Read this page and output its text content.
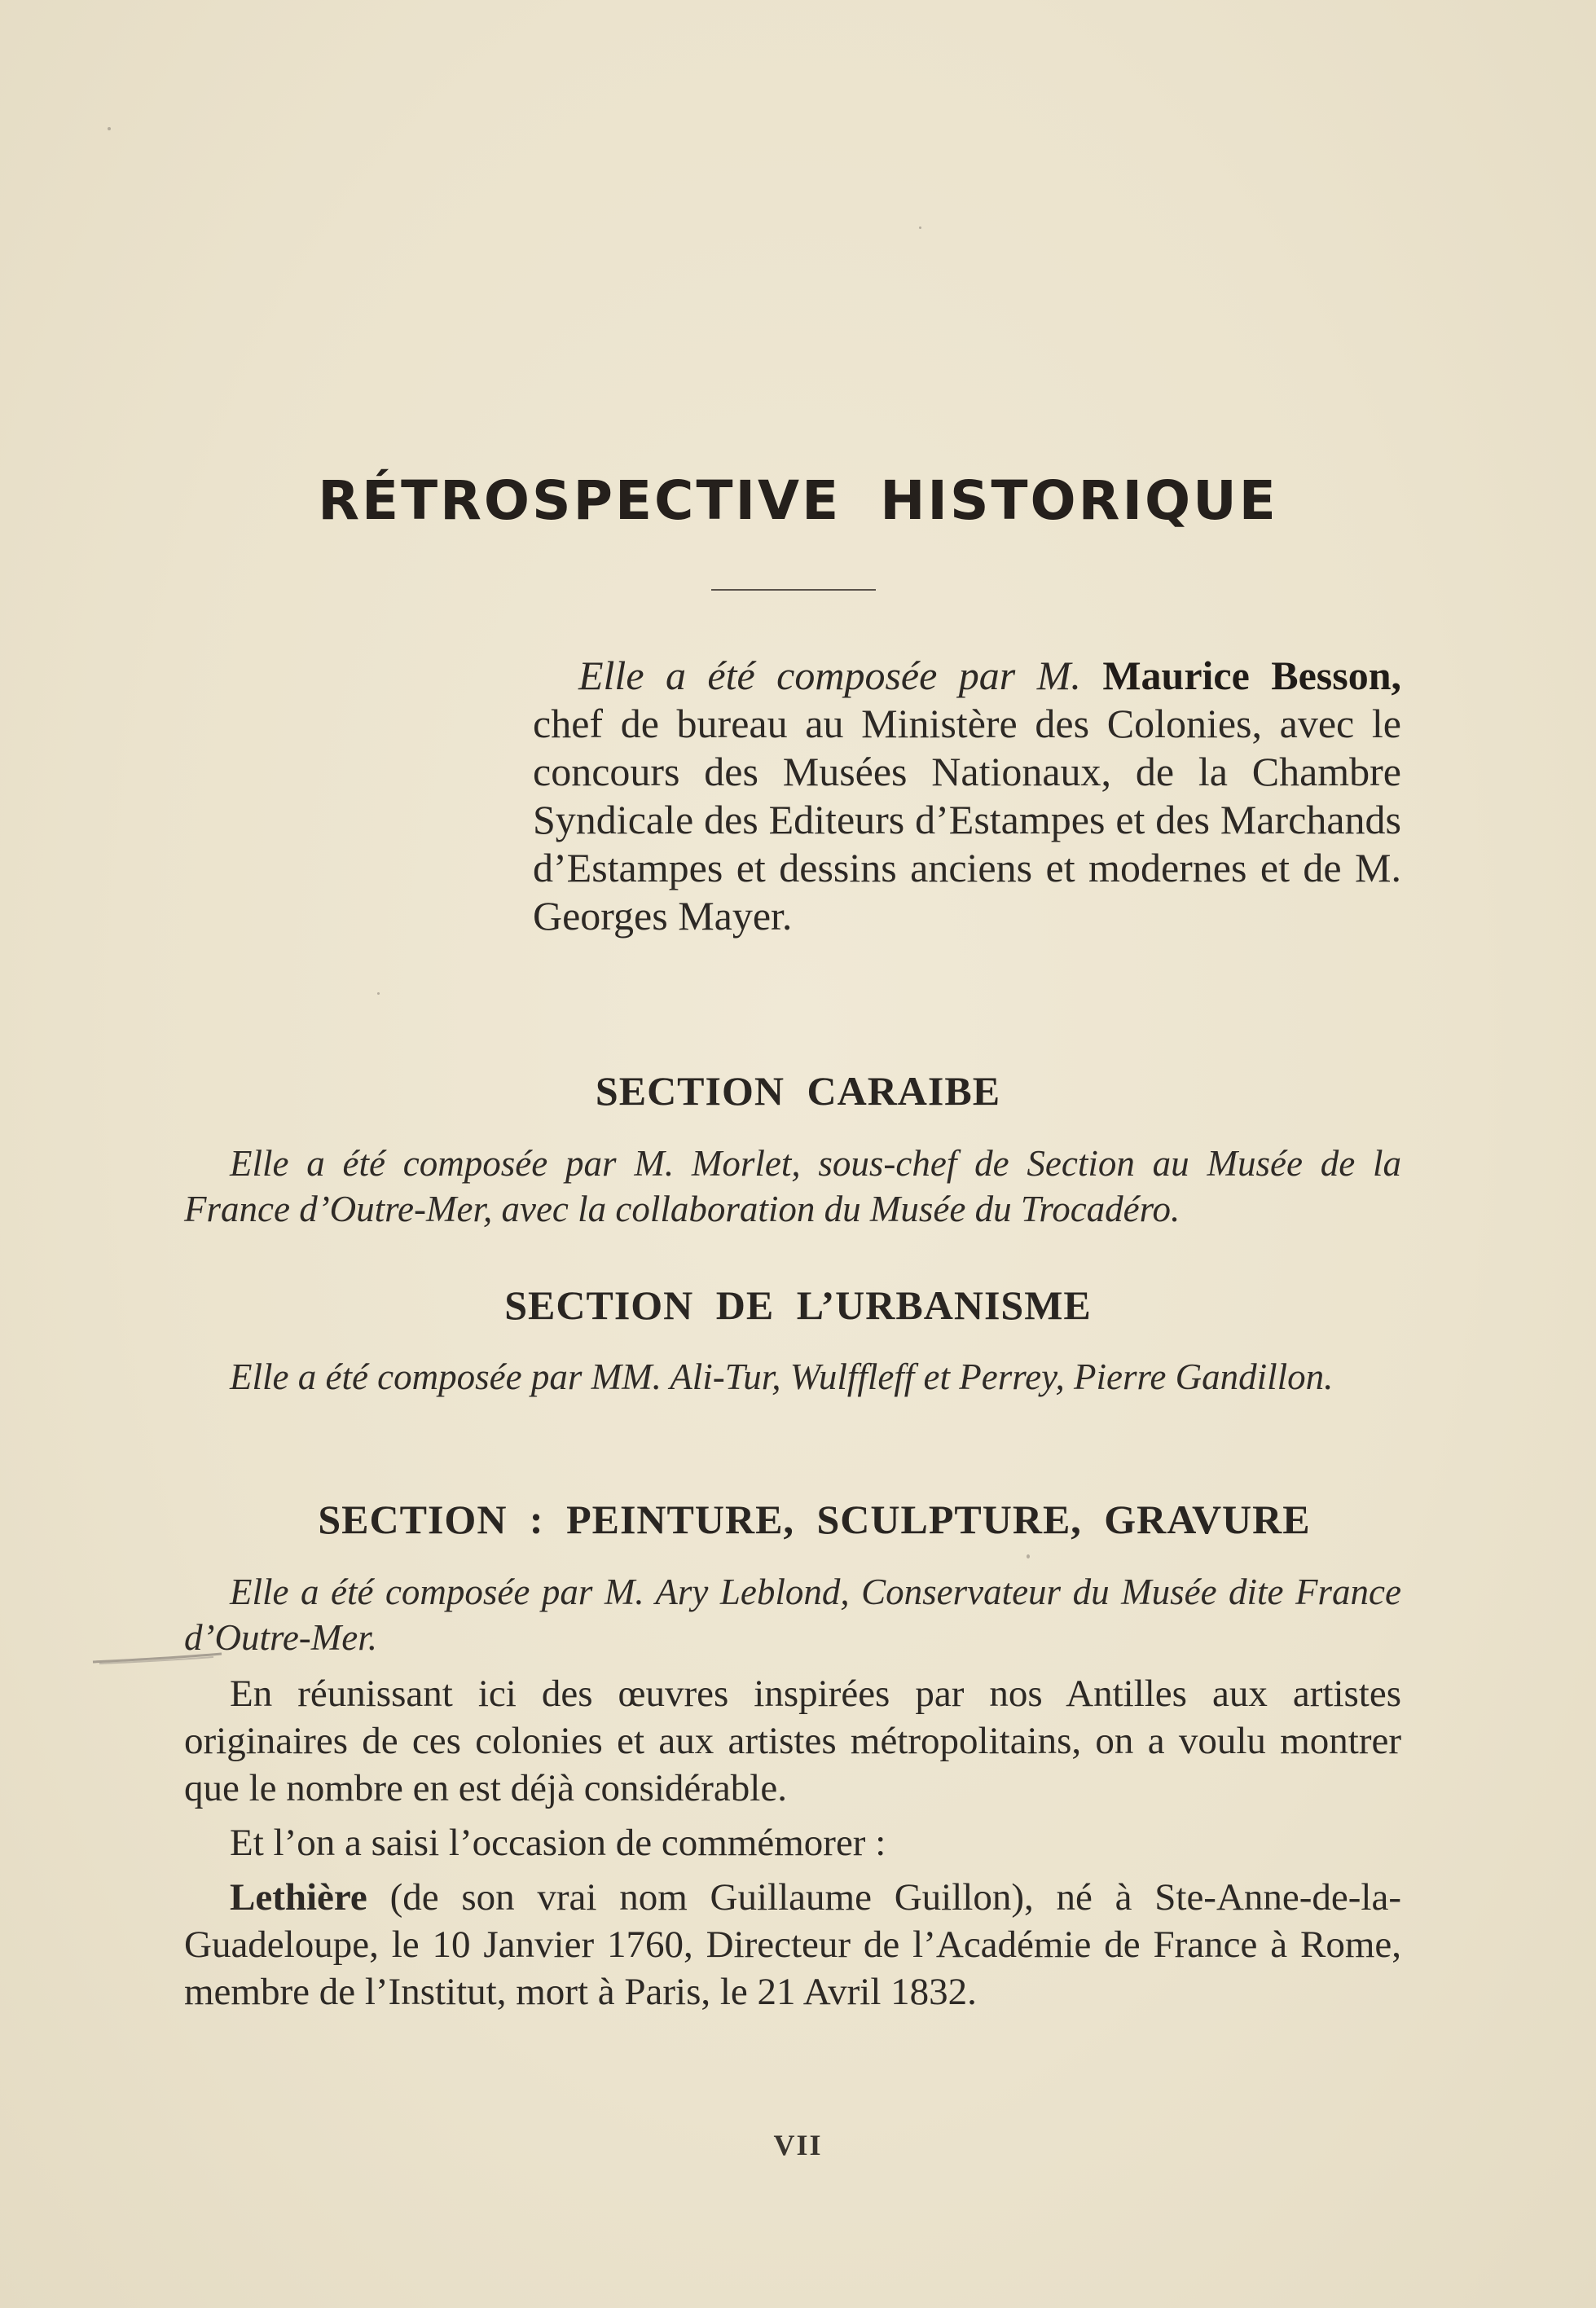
RÉTROSPECTIVE HISTORIQUE

Elle a été composée par M. Maurice Besson, chef de bureau au Ministère des Colonies, avec le concours des Musées Nationaux, de la Chambre Syndicale des Editeurs d’Estampes et des Marchands d’Estampes et dessins anciens et modernes et de M. Georges Mayer.

SECTION CARAIBE

Elle a été composée par M. Morlet, sous-chef de Section au Musée de la France d’Outre-Mer, avec la collaboration du Musée du Trocadéro.

SECTION DE L’URBANISME

Elle a été composée par MM. Ali-Tur, Wulffleff et Perrey, Pierre Gandillon.

SECTION : PEINTURE, SCULPTURE, GRAVURE

Elle a été composée par M. Ary Leblond, Conservateur du Musée dite France d’Outre-Mer.

En réunissant ici des œuvres inspirées par nos Antilles aux artistes originaires de ces colonies et aux artistes métropolitains, on a voulu montrer que le nombre en est déjà considérable.

Et l’on a saisi l’occasion de commémorer :

Lethière (de son vrai nom Guillaume Guillon), né à Ste-Anne-de-la-Guadeloupe, le 10 Janvier 1760, Directeur de l’Académie de France à Rome, membre de l’Institut, mort à Paris, le 21 Avril 1832.

VII
